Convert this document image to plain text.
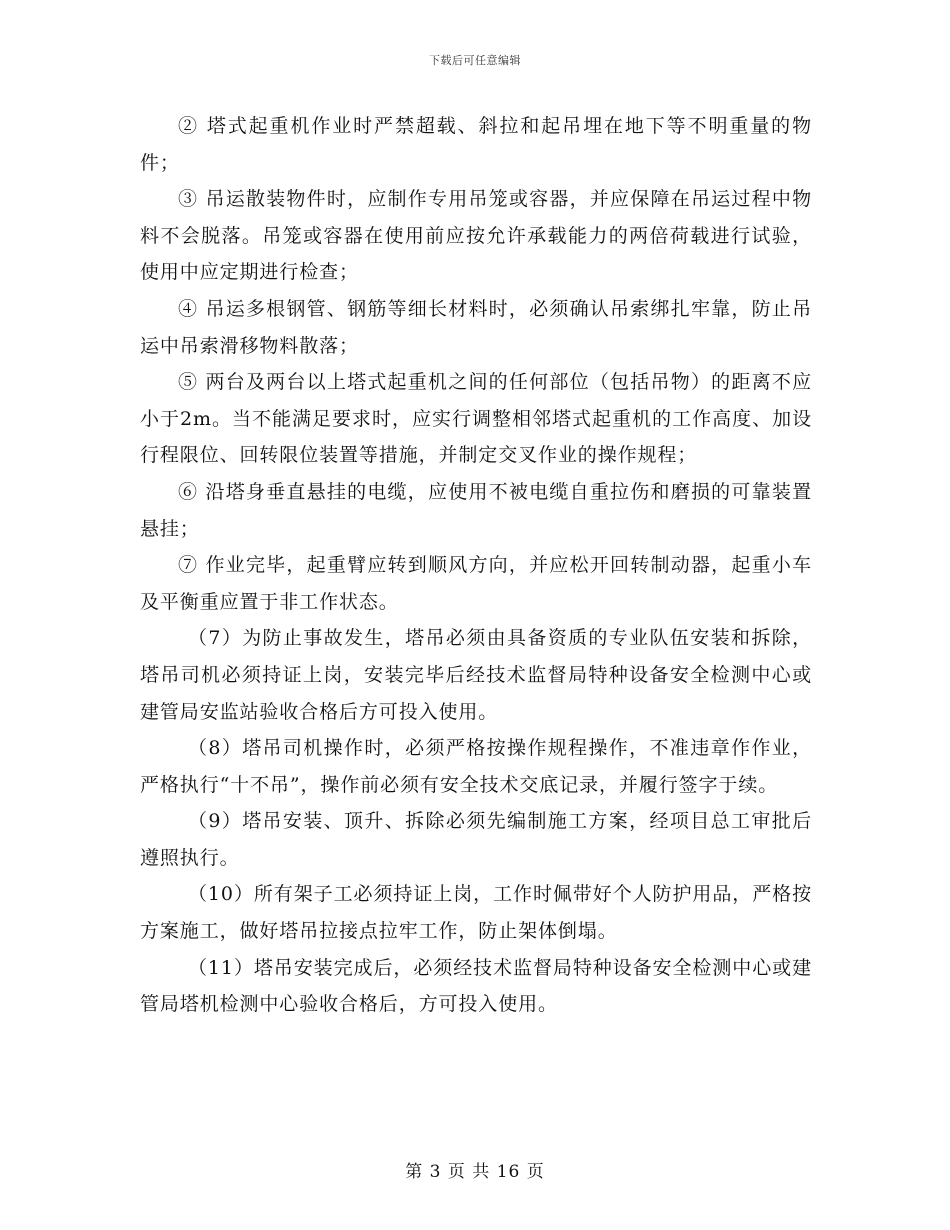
下载后可任意编辑

② 塔式起重机作业时严禁超载、斜拉和起吊埋在地下等不明重量的物件；

③ 吊运散装物件时，应制作专用吊笼或容器，并应保障在吊运过程中物料不会脱落。吊笼或容器在使用前应按允许承载能力的两倍荷载进行试验，使用中应定期进行检查；

④ 吊运多根钢管、钢筋等细长材料时，必须确认吊索绑扎牢靠，防止吊运中吊索滑移物料散落；

⑤ 两台及两台以上塔式起重机之间的任何部位（包括吊物）的距离不应小于2m。当不能满足要求时，应实行调整相邻塔式起重机的工作高度、加设行程限位、回转限位装置等措施，并制定交叉作业的操作规程；

⑥ 沿塔身垂直悬挂的电缆，应使用不被电缆自重拉伤和磨损的可靠装置悬挂；

⑦ 作业完毕，起重臂应转到顺风方向，并应松开回转制动器，起重小车及平衡重应置于非工作状态。

（7）为防止事故发生，塔吊必须由具备资质的专业队伍安装和拆除，塔吊司机必须持证上岗，安装完毕后经技术监督局特种设备安全检测中心或建管局安监站验收合格后方可投入使用。

（8）塔吊司机操作时，必须严格按操作规程操作，不准违章作作业，严格执行“十不吊”，操作前必须有安全技术交底记录，并履行签字于续。

（9）塔吊安装、顶升、拆除必须先编制施工方案，经项目总工审批后遵照执行。

（10）所有架子工必须持证上岗，工作时佩带好个人防护用品，严格按方案施工，做好塔吊拉接点拉牢工作，防止架体倒塌。

（11）塔吊安装完成后，必须经技术监督局特种设备安全检测中心或建管局塔机检测中心验收合格后，方可投入使用。

第 3 页 共 16 页
